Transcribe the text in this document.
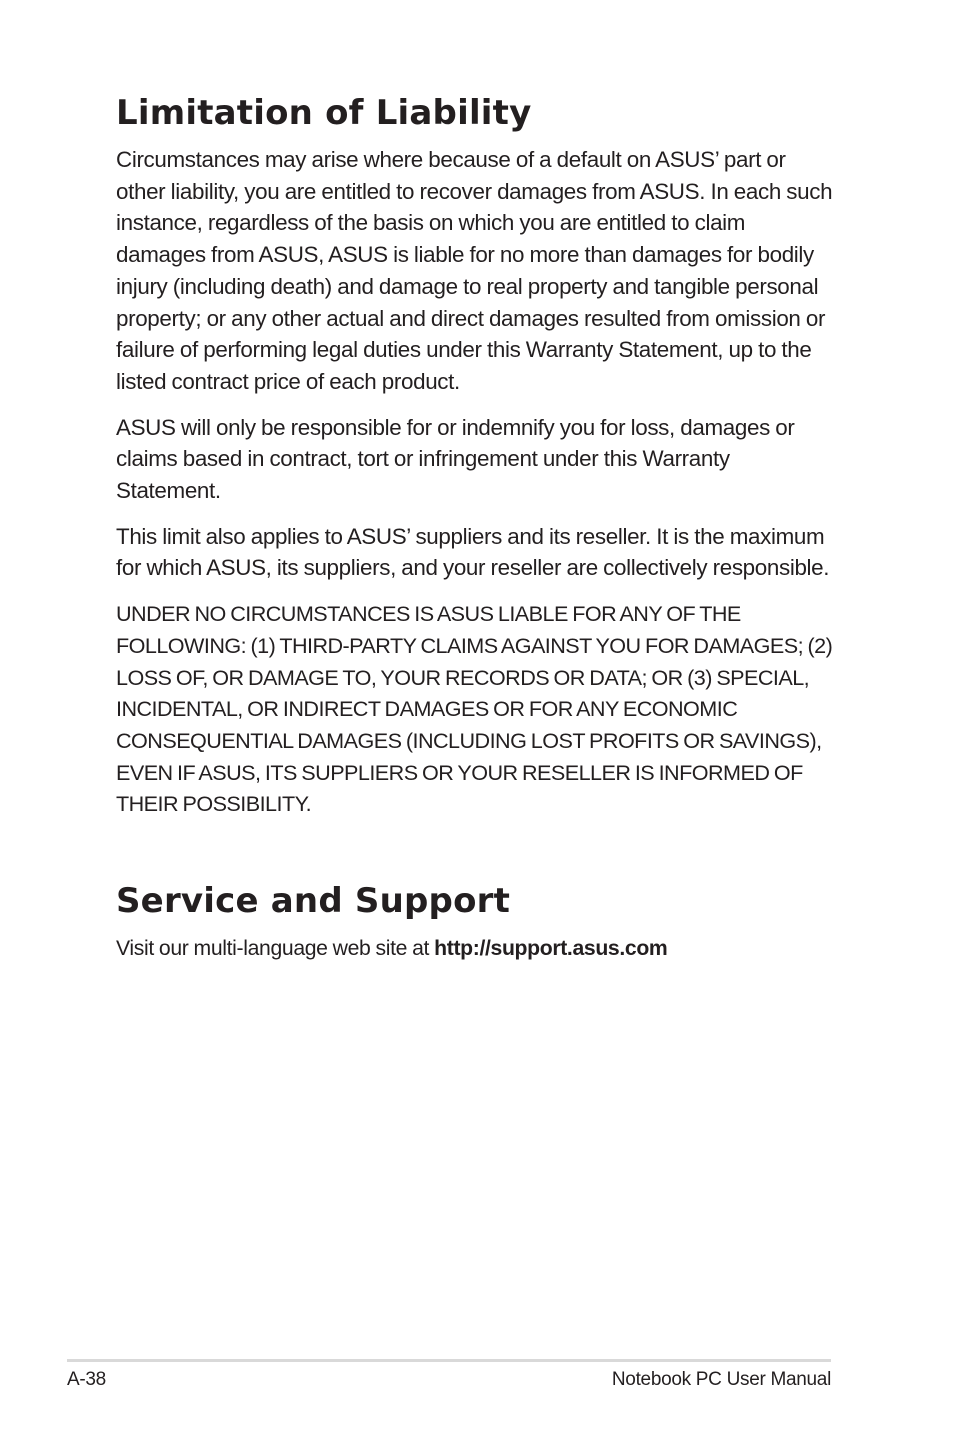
Limitation of Liability

Circumstances may arise where because of a default on ASUS’ part or other liability, you are entitled to recover damages from ASUS. In each such instance, regardless of the basis on which you are entitled to claim damages from ASUS, ASUS is liable for no more than damages for bodily injury (including death) and damage to real property and tangible personal property; or any other actual and direct damages resulted from omission or failure of performing legal duties under this Warranty Statement, up to the listed contract price of each product.

ASUS will only be responsible for or indemnify you for loss, damages or claims based in contract, tort or infringement under this Warranty Statement.

This limit also applies to ASUS’ suppliers and its reseller. It is the maximum for which ASUS, its suppliers, and your reseller are collectively responsible.

UNDER NO CIRCUMSTANCES IS ASUS LIABLE FOR ANY OF THE FOLLOWING: (1) THIRD-PARTY CLAIMS AGAINST YOU FOR DAMAGES; (2) LOSS OF, OR DAMAGE TO, YOUR RECORDS OR DATA; OR (3) SPECIAL, INCIDENTAL, OR INDIRECT DAMAGES OR FOR ANY ECONOMIC CONSEQUENTIAL DAMAGES (INCLUDING LOST PROFITS OR SAVINGS), EVEN IF ASUS, ITS SUPPLIERS OR YOUR RESELLER IS INFORMED OF THEIR POSSIBILITY.

Service and Support

Visit our multi-language web site at http://support.asus.com

A-38	Notebook PC User Manual
